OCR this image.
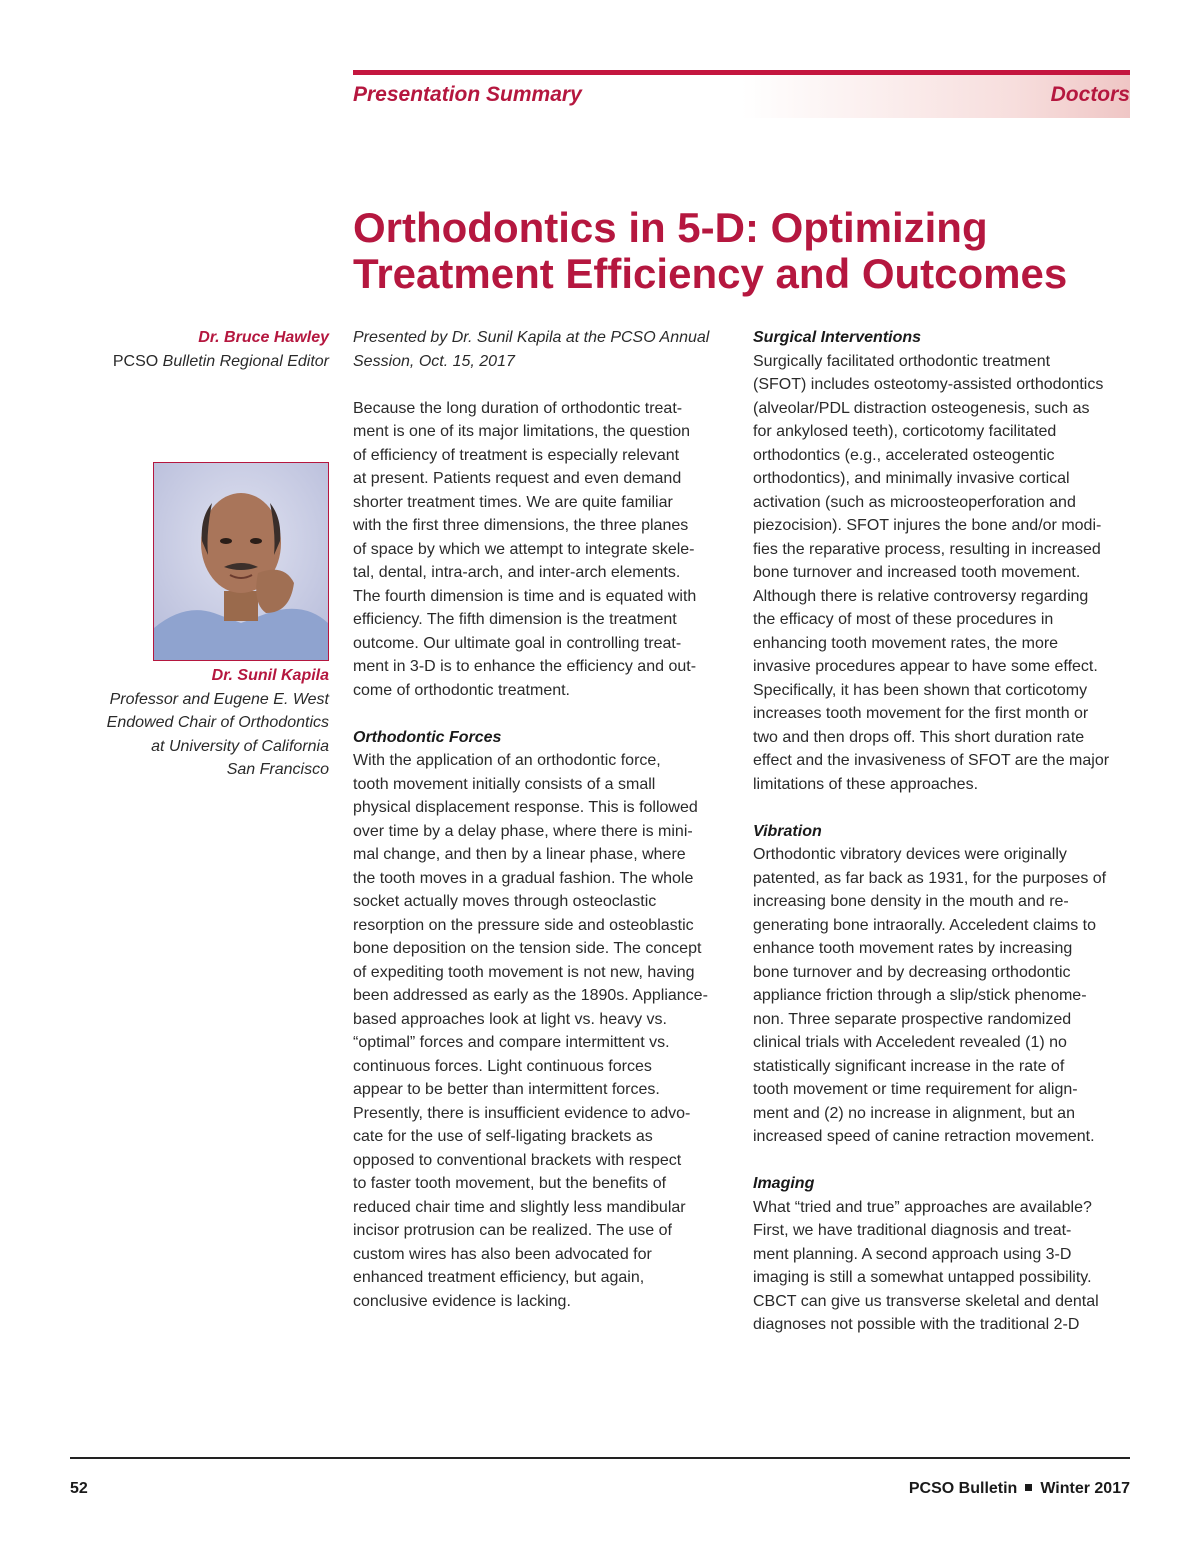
Presentation Summary	Doctors
Orthodontics in 5-D: Optimizing
Treatment Efficiency and Outcomes
Dr. Bruce Hawley
PCSO Bulletin Regional Editor
Dr. Sunil Kapila
Professor and Eugene E. West
Endowed Chair of Orthodontics
at University of California
San Francisco
Presented by Dr. Sunil Kapila at the PCSO Annual
Session, Oct. 15, 2017
Because the long duration of orthodontic treat-
ment is one of its major limitations, the question
of efficiency of treatment is especially relevant
at present. Patients request and even demand
shorter treatment times. We are quite familiar
with the first three dimensions, the three planes
of space by which we attempt to integrate skele-
tal, dental, intra-arch, and inter-arch elements.
The fourth dimension is time and is equated with
efficiency. The fifth dimension is the treatment
outcome. Our ultimate goal in controlling treat-
ment in 3-D is to enhance the efficiency and out-
come of orthodontic treatment.
Orthodontic Forces
With the application of an orthodontic force,
tooth movement initially consists of a small
physical displacement response. This is followed
over time by a delay phase, where there is mini-
mal change, and then by a linear phase, where
the tooth moves in a gradual fashion. The whole
socket actually moves through osteoclastic
resorption on the pressure side and osteoblastic
bone deposition on the tension side. The concept
of expediting tooth movement is not new, having
been addressed as early as the 1890s. Appliance-
based approaches look at light vs. heavy vs.
“optimal” forces and compare intermittent vs.
continuous forces. Light continuous forces
appear to be better than intermittent forces.
Presently, there is insufficient evidence to advo-
cate for the use of self-ligating brackets as
opposed to conventional brackets with respect
to faster tooth movement, but the benefits of
reduced chair time and slightly less mandibular
incisor protrusion can be realized. The use of
custom wires has also been advocated for
enhanced treatment efficiency, but again,
conclusive evidence is lacking.
Surgical Interventions
Surgically facilitated orthodontic treatment
(SFOT) includes osteotomy-assisted orthodontics
(alveolar/PDL distraction osteogenesis, such as
for ankylosed teeth), corticotomy facilitated
orthodontics (e.g., accelerated osteogentic
orthodontics), and minimally invasive cortical
activation (such as microosteoperforation and
piezocision). SFOT injures the bone and/or modi-
fies the reparative process, resulting in increased
bone turnover and increased tooth movement.
Although there is relative controversy regarding
the efficacy of most of these procedures in
enhancing tooth movement rates, the more
invasive procedures appear to have some effect.
Specifically, it has been shown that corticotomy
increases tooth movement for the first month or
two and then drops off. This short duration rate
effect and the invasiveness of SFOT are the major
limitations of these approaches.
Vibration
Orthodontic vibratory devices were originally
patented, as far back as 1931, for the purposes of
increasing bone density in the mouth and re-
generating bone intraorally. Acceledent claims to
enhance tooth movement rates by increasing
bone turnover and by decreasing orthodontic
appliance friction through a slip/stick phenome-
non. Three separate prospective randomized
clinical trials with Acceledent revealed (1) no
statistically significant increase in the rate of
tooth movement or time requirement for align-
ment and (2) no increase in alignment, but an
increased speed of canine retraction movement.
Imaging
What “tried and true” approaches are available?
First, we have traditional diagnosis and treat-
ment planning. A second approach using 3-D
imaging is still a somewhat untapped possibility.
CBCT can give us transverse skeletal and dental
diagnoses not possible with the traditional 2-D
52	PCSO Bulletin Winter 2017
